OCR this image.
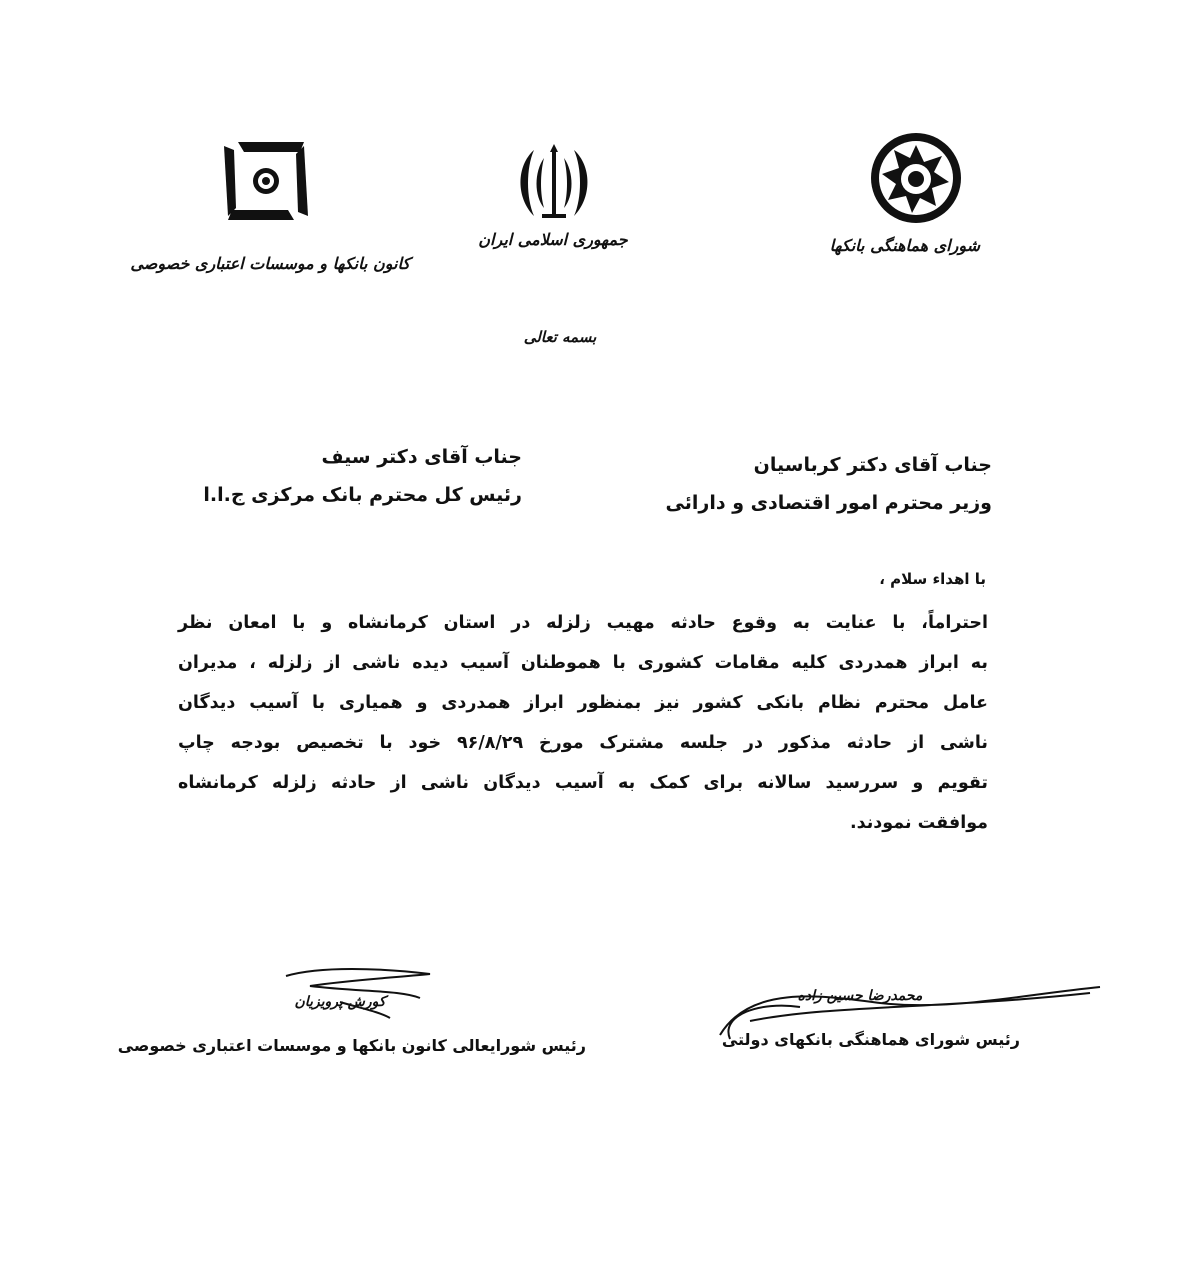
شورای هماهنگی بانکها
جمهوری اسلامی ایران
کانون بانکها و موسسات اعتباری خصوصی
بسمه تعالی
جناب آقای دکتر کرباسیان
وزیر محترم امور اقتصادی و دارائی
جناب آقای دکتر سیف
رئیس کل محترم بانک مرکزی ج.ا.ا
با اهداء سلام ،

احتراماً، با عنایت به وقوع حادثه مهیب زلزله در استان کرمانشاه و با امعان نظر

به ابراز همدردی کلیه مقامات کشوری با هموطنان آسیب دیده ناشی از زلزله ، مدیران

عامل محترم نظام بانکی کشور نیز بمنظور ابراز همدردی و همیاری با آسیب دیدگان

ناشی از حادثه مذکور در جلسه مشترک مورخ ۹۶/۸/۲۹ خود با تخصیص بودجه چاپ

تقویم و سررسید سالانه برای کمک به آسیب دیدگان ناشی از حادثه زلزله کرمانشاه

موافقت نمودند.

محمدرضا حسین زاده
رئیس شورای هماهنگی بانکهای دولتی
کورش پرویزیان
رئیس شورایعالی کانون بانکها و موسسات اعتباری خصوصی
